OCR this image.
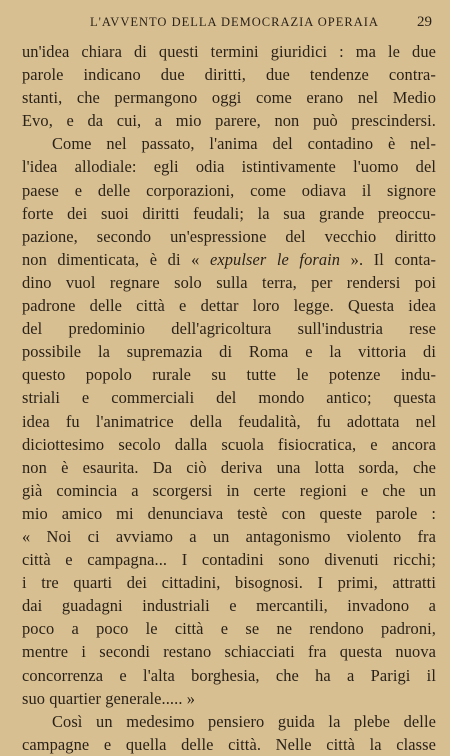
L'AVVENTO DELLA DEMOCRAZIA OPERAIA	29
un'idea chiara di questi termini giuridici : ma le due
parole indicano due diritti, due tendenze contra-
stanti, che permangono oggi come erano nel Medio
Evo, e da cui, a mio parere, non può prescindersi.
Come nel passato, l'anima del contadino è nel-
l'idea allodiale: egli odia istintivamente l'uomo del
paese e delle corporazioni, come odiava il signore
forte dei suoi diritti feudali; la sua grande preoccu-
pazione, secondo un'espressione del vecchio diritto
non dimenticata, è di « expulser le forain ». Il conta-
dino vuol regnare solo sulla terra, per rendersi poi
padrone delle città e dettar loro legge. Questa idea
del predominio dell'agricoltura sull'industria rese
possibile la supremazia di Roma e la vittoria di
questo popolo rurale su tutte le potenze indu-
striali e commerciali del mondo antico; questa
idea fu l'animatrice della feudalità, fu adottata nel
diciottesimo secolo dalla scuola fisiocratica, e ancora
non è esaurita. Da ciò deriva una lotta sorda, che
già comincia a scorgersi in certe regioni e che un
mio amico mi denunciava testè con queste parole :
« Noi ci avviamo a un antagonismo violento fra
città e campagna... I contadini sono divenuti ricchi;
i tre quarti dei cittadini, bisognosi. I primi, attratti
dai guadagni industriali e mercantili, invadono a
poco a poco le città e se ne rendono padroni,
mentre i secondi restano schiacciati fra questa nuova
concorrenza e l'alta borghesia, che ha a Parigi il
suo quartier generale..... »
Così un medesimo pensiero guida la plebe delle
campagne e quella delle città. Nelle città la classe
